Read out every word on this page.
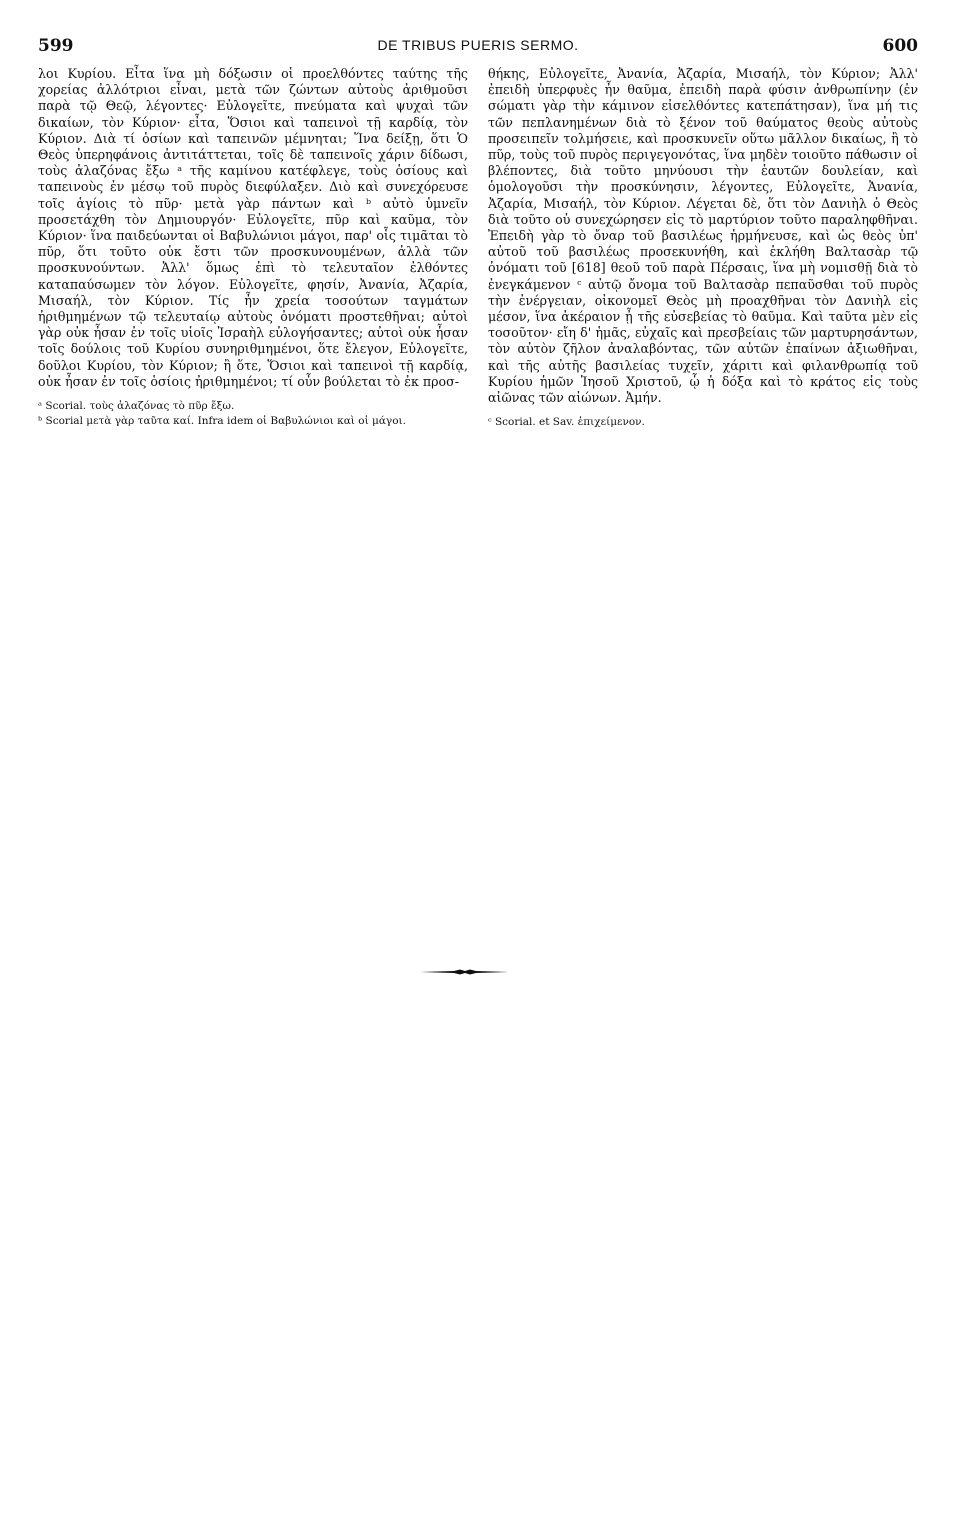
599	DE TRIBUS PUERIS SERMO.	600

λοι Κυρίου. Εἶτα ἵνα μὴ δόξωσιν οἱ προελθόντες ταύτης τῆς χορείας ἀλλότριοι εἶναι, μετὰ τῶν ζώντων αὐτοὺς ἀριθμοῦσι παρὰ τῷ Θεῷ, λέγοντες· Εὐλογεῖτε, πνεύματα καὶ ψυχαὶ τῶν δικαίων, τὸν Κύριον· εἶτα, Ὅσιοι καὶ ταπεινοὶ τῇ καρδίᾳ, τὸν Κύριον. Διὰ τί ὁσίων καὶ ταπεινῶν μέμνηται; Ἵνα δείξῃ, ὅτι Ὁ Θεὸς ὑπερηφάνοις ἀντιτάττεται, τοῖς δὲ ταπεινοῖς χάριν δίδωσι, τοὺς ἀλαζόνας ἔξω ᵃ τῆς καμίνου κατέφλεγε, τοὺς ὁσίους καὶ ταπεινοὺς ἐν μέσῳ τοῦ πυρὸς διεφύλαξεν. Διὸ καὶ συνεχόρευσε τοῖς ἁγίοις τὸ πῦρ· μετὰ γὰρ πάντων καὶ ᵇ αὐτὸ ὑμνεῖν προσετάχθη τὸν Δημιουργόν· Εὐλογεῖτε, πῦρ καὶ καῦμα, τὸν Κύριον· ἵνα παιδεύωνται οἱ Βαβυλώνιοι μάγοι, παρ' οἷς τιμᾶται τὸ πῦρ, ὅτι τοῦτο οὐκ ἔστι τῶν προσκυνουμένων, ἀλλὰ τῶν προσκυνούντων. Ἀλλ' ὅμως ἐπὶ τὸ τελευταῖον ἐλθόντες καταπαύσωμεν τὸν λόγον. Εὐλογεῖτε, φησίν, Ἀνανία, Ἀζαρία, Μισαήλ, τὸν Κύριον. Τίς ἦν χρεία τοσούτων ταγμάτων ἠριθμημένων τῷ τελευταίῳ αὐτοὺς ὀνόματι προστεθῆναι; αὐτοὶ γὰρ οὐκ ἦσαν ἐν τοῖς υἱοῖς Ἰσραὴλ εὐλογήσαντες; αὐτοὶ οὐκ ἦσαν τοῖς δούλοις τοῦ Κυρίου συνηριθμημένοι, ὅτε ἔλεγον, Εὐλογεῖτε, δοῦλοι Κυρίου, τὸν Κύριον; ἢ ὅτε, Ὅσιοι καὶ ταπεινοὶ τῇ καρδίᾳ, οὐκ ἦσαν ἐν τοῖς ὁσίοις ἠριθμημένοι; τί οὖν βούλεται τὸ ἐκ προσ-

ᵃ Scorial. τοὺς ἀλαζόνας τὸ πῦρ ἔξω.
ᵇ Scorial μετὰ γὰρ ταῦτα καί. Infra idem οἱ Βαβυλώνιοι καὶ οἱ μάγοι.

θήκης, Εὐλογεῖτε, Ἀνανία, Ἀζαρία, Μισαήλ, τὸν Κύριον; Ἀλλ' ἐπειδὴ ὑπερφυὲς ἦν θαῦμα, ἐπειδὴ παρὰ φύσιν ἀνθρωπίνην (ἐν σώματι γὰρ τὴν κάμινον εἰσελθόντες κατεπάτησαν), ἵνα μή τις τῶν πεπλανημένων διὰ τὸ ξένον τοῦ θαύματος θεοὺς αὐτοὺς προσειπεῖν τολμήσειε, καὶ προσκυνεῖν οὕτω μᾶλλον δικαίως, ἢ τὸ πῦρ, τοὺς τοῦ πυρὸς περιγεγονότας, ἵνα μηδὲν τοιοῦτο πάθωσιν οἱ βλέποντες, διὰ τοῦτο μηνύουσι τὴν ἑαυτῶν δουλείαν, καὶ ὁμολογοῦσι τὴν προσκύνησιν, λέγοντες, Εὐλογεῖτε, Ἀνανία, Ἀζαρία, Μισαήλ, τὸν Κύριον. Λέγεται δὲ, ὅτι τὸν Δανιὴλ ὁ Θεὸς διὰ τοῦτο οὐ συνεχώρησεν εἰς τὸ μαρτύριον τοῦτο παραληφθῆναι. Ἐπειδὴ γὰρ τὸ ὄναρ τοῦ βασιλέως ἡρμήνευσε, καὶ ὡς θεὸς ὑπ' αὐτοῦ τοῦ βασιλέως προσεκυνήθη, καὶ ἐκλήθη Βαλτασὰρ τῷ ὀνόματι τοῦ [618] θεοῦ τοῦ παρὰ Πέρσαις, ἵνα μὴ νομισθῇ διὰ τὸ ἐνεγκάμενον ᶜ αὐτῷ ὄνομα τοῦ Βαλτασὰρ πεπαῦσθαι τοῦ πυρὸς τὴν ἐνέργειαν, οἰκονομεῖ Θεὸς μὴ προαχθῆναι τὸν Δανιὴλ εἰς μέσον, ἵνα ἀκέραιον ᾖ τῆς εὐσεβείας τὸ θαῦμα. Καὶ ταῦτα μὲν εἰς τοσοῦτον· εἴη δ' ἡμᾶς, εὐχαῖς καὶ πρεσβείαις τῶν μαρτυρησάντων, τὸν αὐτὸν ζῆλον ἀναλαβόντας, τῶν αὐτῶν ἐπαίνων ἀξιωθῆναι, καὶ τῆς αὐτῆς βασιλείας τυχεῖν, χάριτι καὶ φιλανθρωπίᾳ τοῦ Κυρίου ἡμῶν Ἰησοῦ Χριστοῦ, ᾧ ἡ δόξα καὶ τὸ κράτος εἰς τοὺς αἰῶνας τῶν αἰώνων. Ἀμήν.

ᶜ Scorial. et Sav. ἐπιχείμενον.
